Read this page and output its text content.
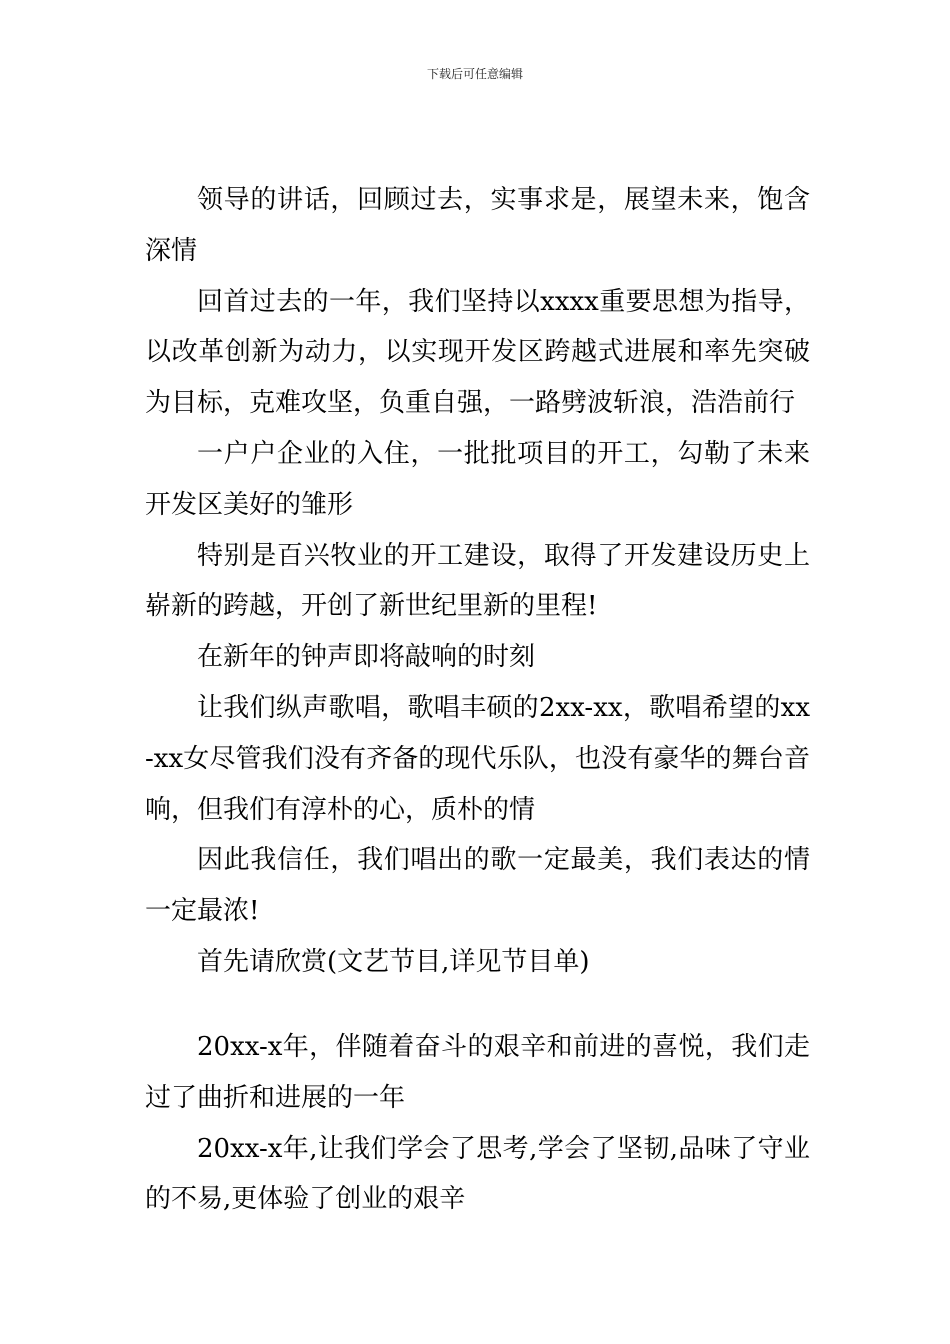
下载后可任意编辑

领导的讲话，回顾过去，实事求是，展望未来，饱含深情

回首过去的一年，我们坚持以xxxx重要思想为指导，以改革创新为动力，以实现开发区跨越式进展和率先突破为目标，克难攻坚，负重自强，一路劈波斩浪，浩浩前行

一户户企业的入住，一批批项目的开工，勾勒了未来开发区美好的雏形

特别是百兴牧业的开工建设，取得了开发建设历史上崭新的跨越，开创了新世纪里新的里程!

在新年的钟声即将敲响的时刻

让我们纵声歌唱，歌唱丰硕的2xx-xx，歌唱希望的xx-xx女尽管我们没有齐备的现代乐队，也没有豪华的舞台音响，但我们有淳朴的心，质朴的情

因此我信任，我们唱出的歌一定最美，我们表达的情一定最浓!

首先请欣赏(文艺节目,详见节目单)

20xx-x年，伴随着奋斗的艰辛和前进的喜悦，我们走过了曲折和进展的一年

20xx-x年,让我们学会了思考,学会了坚韧,品味了守业的不易,更体验了创业的艰辛
